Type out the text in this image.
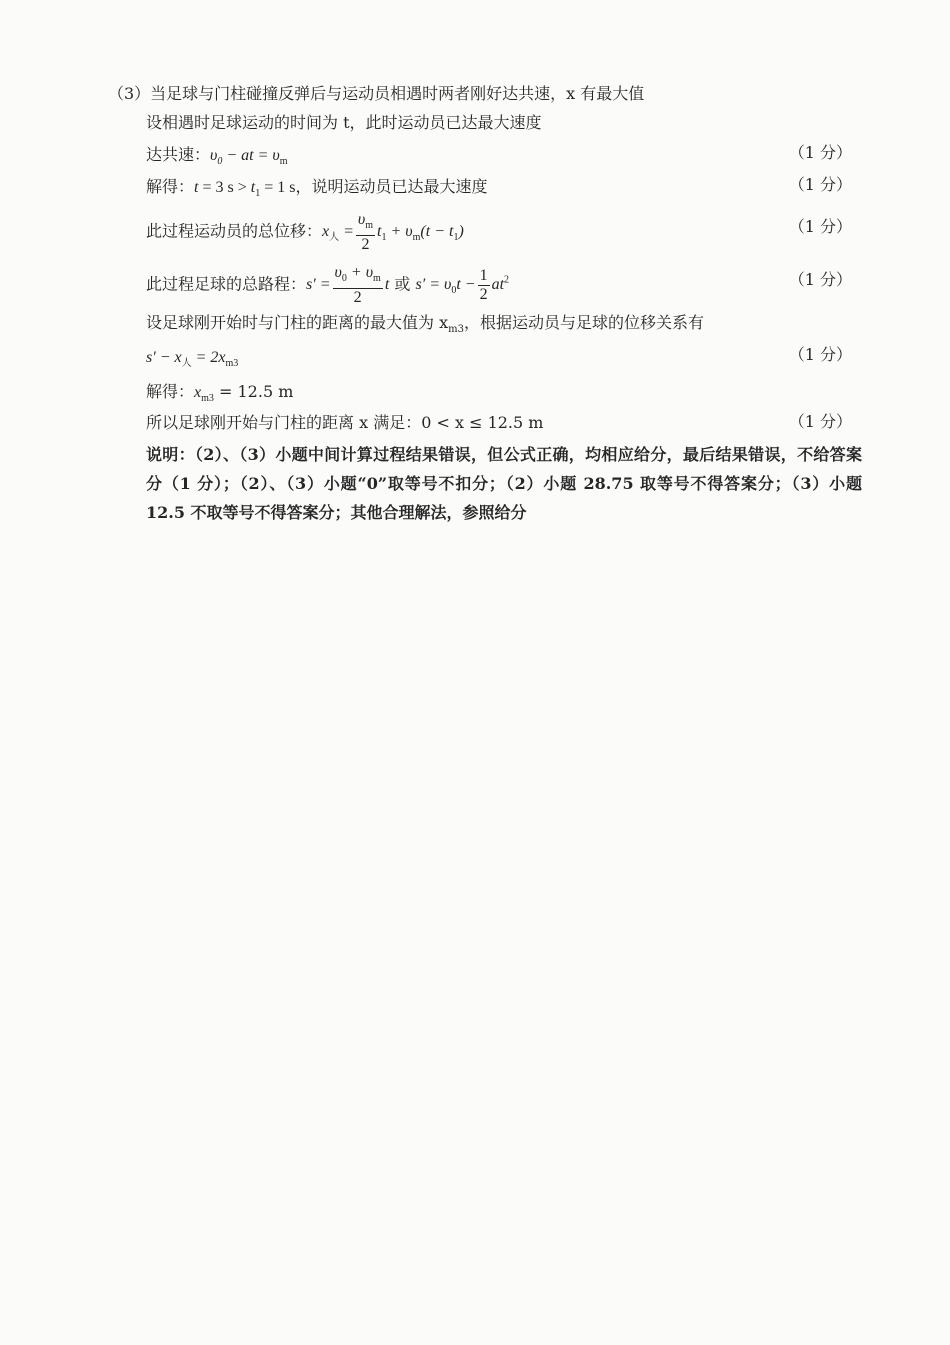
（3）当足球与门柱碰撞反弹后与运动员相遇时两者刚好达共速，x 有最大值
设相遇时足球运动的时间为 t，此时运动员已达最大速度
达共速：$\upsilon_0$ − at = $\upsilon_m$	（1 分）
解得：t = 3 $s > t_1 = 1$ s，说明运动员已达最大速度	（1 分）
此过程运动员的总位移：$x_人 = \frac{\upsilon_m}{2} t_1 + \upsilon_m(t - t_1)$	（1 分）
此过程足球的总路程：$s' = \frac{\upsilon_0 + \upsilon_m}{2}$ t 或 $s' = \upsilon_0t - \frac{1}{2} at^2$	（1 分）
设足球刚开始时与门柱的距离的最大值为 $x_{m3}$，根据运动员与足球的位移关系有
$s' - x_人 = 2x_{m3}$	（1 分）
解得：$x_{m3} = 12.5$ m
所以足球刚开始与门柱的距离 x 满足：0 < x ≤ 12.5 m	（1 分）
说明：（2）、（3）小题中间计算过程结果错误，但公式正确，均相应给分，最后结果错误，不给答案分（1 分）；（2）、（3）小题“0”取等号不扣分；（2）小题 28.75 取等号不得答案分；（3）小题 12.5 不取等号不得答案分；其他合理解法，参照给分
